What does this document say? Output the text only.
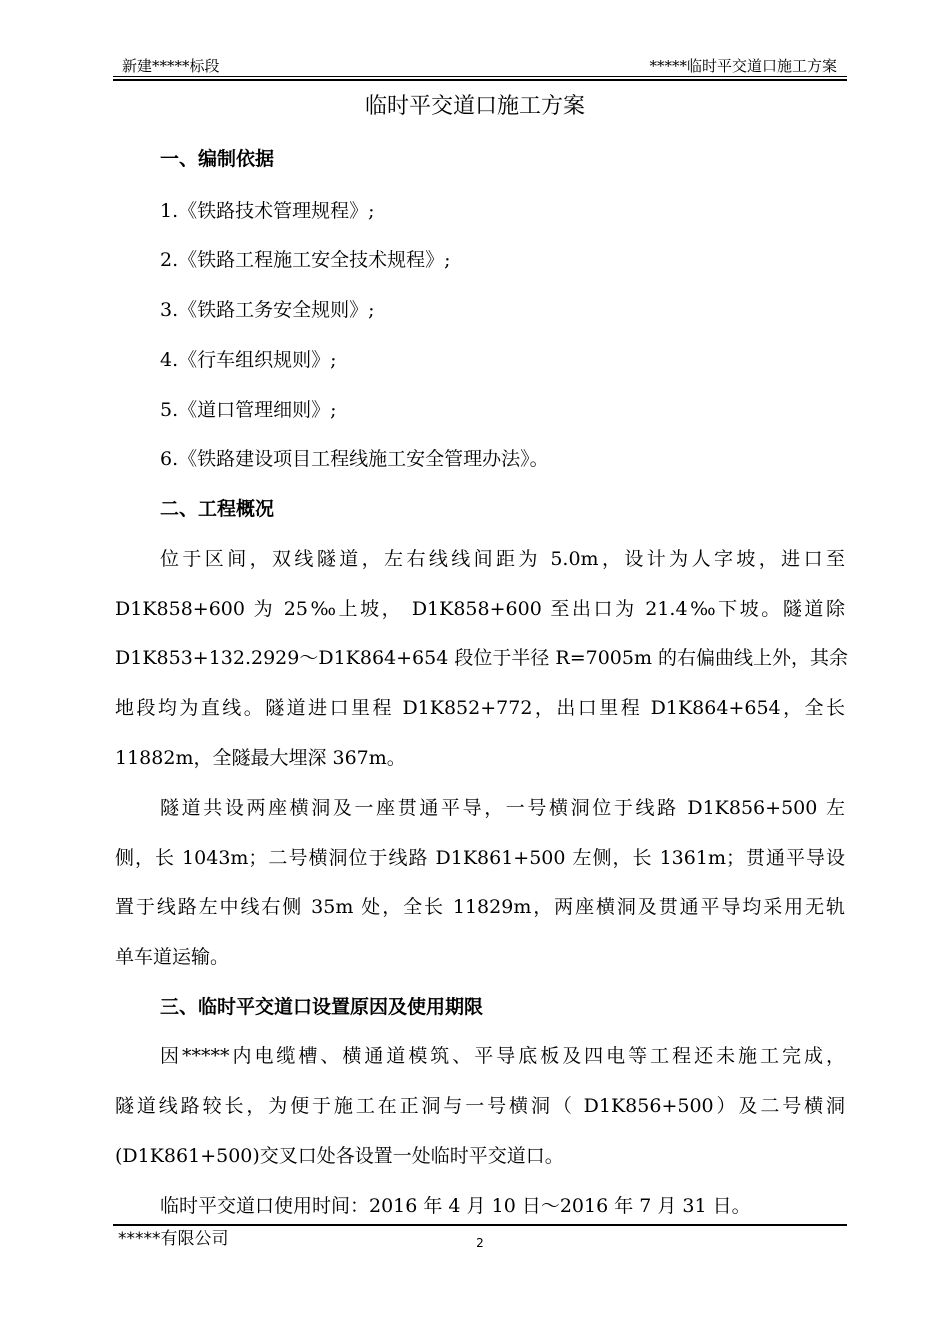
新建*****标段	*****临时平交道口施工方案
临时平交道口施工方案
一、编制依据
1.《铁路技术管理规程》;
2.《铁路工程施工安全技术规程》;
3.《铁路工务安全规则》;
4.《行车组织规则》;
5.《道口管理细则》;
6.《铁路建设项目工程线施工安全管理办法》。
二、工程概况
位于区间，双线隧道，左右线线间距为 5.0m，设计为人字坡，进口至
D1K858+600 为 25‰上坡， D1K858+600 至出口为 21.4‰下坡。隧道除
D1K853+132.2929～D1K864+654 段位于半径 R=7005m 的右偏曲线上外，其余
地段均为直线。隧道进口里程 D1K852+772，出口里程 D1K864+654，全长
11882m，全隧最大埋深 367m。
隧道共设两座横洞及一座贯通平导，一号横洞位于线路 D1K856+500 左
侧，长 1043m；二号横洞位于线路 D1K861+500 左侧，长 1361m；贯通平导设
置于线路左中线右侧 35m 处，全长 11829m，两座横洞及贯通平导均采用无轨
单车道运输。
三、临时平交道口设置原因及使用期限
因*****内电缆槽、横通道模筑、平导底板及四电等工程还未施工完成，
隧道线路较长，为便于施工在正洞与一号横洞（ D1K856+500）及二号横洞
(D1K861+500)交叉口处各设置一处临时平交道口。
临时平交道口使用时间：2016 年 4 月 10 日～2016 年 7 月 31 日。
*****有限公司	2
